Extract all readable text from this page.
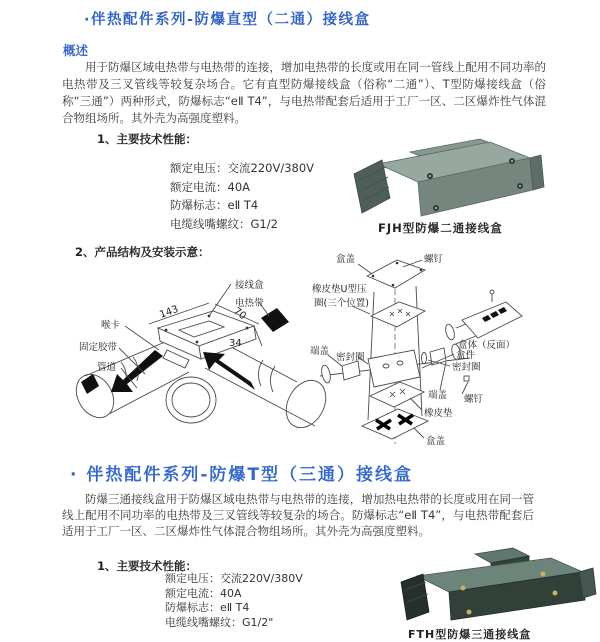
·伴热配件系列-防爆直型（二通）接线盒
概述

用于防爆区域电热带与电热带的连接，增加电热带的长度或用在同一管线上配用不同功率的电热带及三叉管线等较复杂场合。它有直型防爆接线盒（俗称“二通”）、T型防爆接线盒（俗称“三通”）两种形式，防爆标志“eⅡ T4”，与电热带配套后适用于工厂一区、二区爆炸性气体混合物组场所。其外壳为高强度塑料。

1、主要技术性能：
额定电压：交流220V/380V
额定电流：40A
防爆标志：eⅡ T4
电缆线嘴螺纹：G1/2	FJH型防爆二通接线盒
2、产品结构及安装示意：
143	70
34
接线盒
电热带
喉卡
固定胶带
管道
盒盖	螺钉
橡皮垫U型压
圈(三个位置)
端盖
密封圈
盒体（反面）
盒件
密封圈
端盖 螺钉
橡皮垫
盒盖
· 伴热配件系列-防爆T型（三通）接线盒

防爆三通接线盒用于防爆区域电热带与电热带的连接，增加热电热带的长度或用在同一管线上配用不同功率的电热带及三叉管线等较复杂的场合。防爆标志“eⅡ T4”，与电热带配套后适用于工厂一区、二区爆炸性气体混合物组场所。其外壳为高强度塑料。

1、主要技术性能：
额定电压：交流220V/380V
额定电流：40A
防爆标志：eⅡ T4
电缆线嘴螺纹：G1/2"
FTH型防爆三通接线盒
